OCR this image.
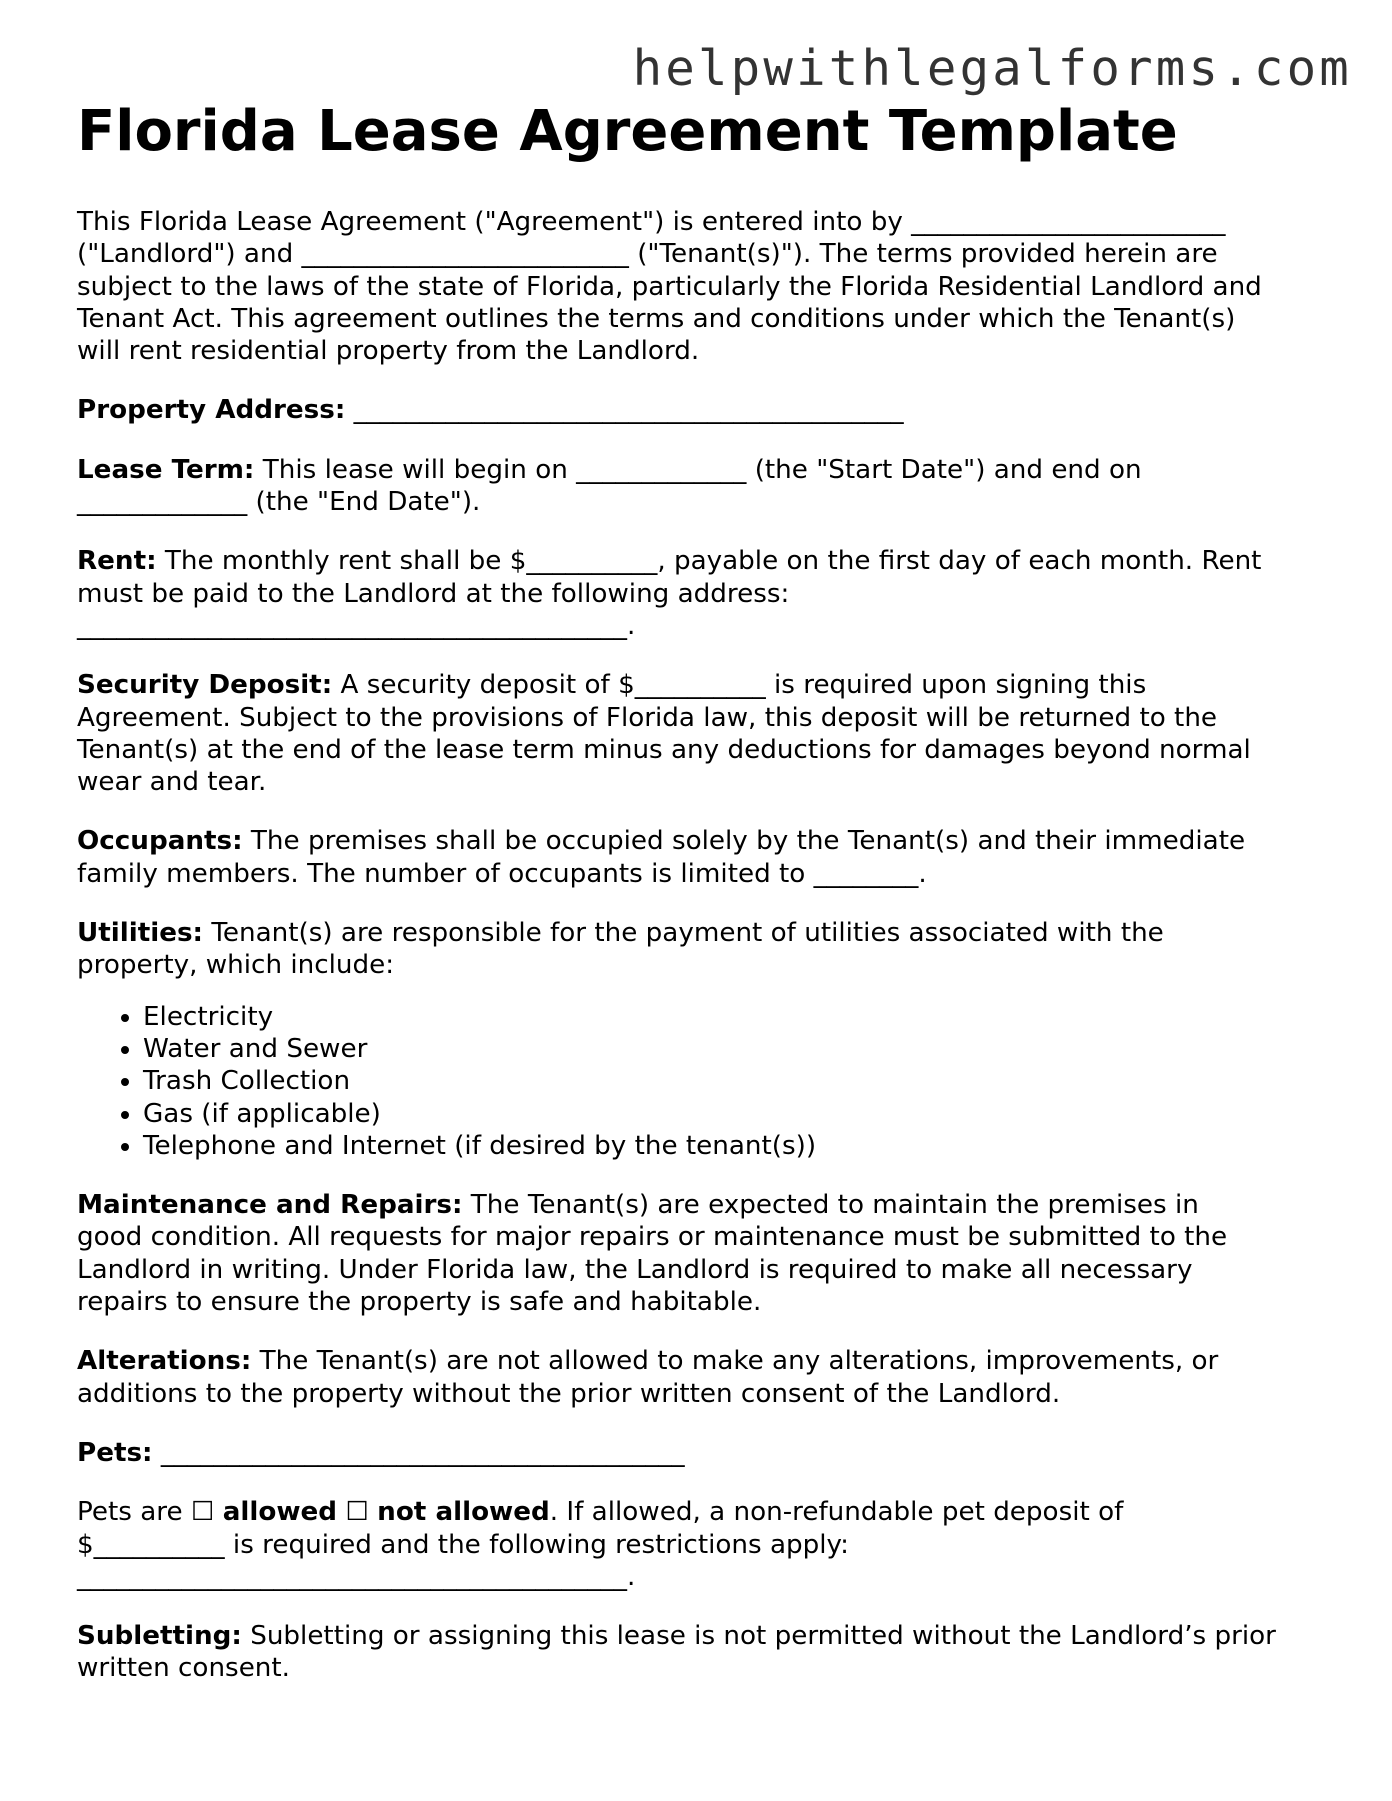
helpwithlegalforms.com
Florida Lease Agreement Template

This Florida Lease Agreement ("Agreement") is entered into by ________________________
("Landlord") and _________________________ ("Tenant(s)"). The terms provided herein are
subject to the laws of the state of Florida, particularly the Florida Residential Landlord and
Tenant Act. This agreement outlines the terms and conditions under which the Tenant(s)
will rent residential property from the Landlord.

Property Address: __________________________________________

Lease Term: This lease will begin on _____________ (the "Start Date") and end on
_____________ (the "End Date").

Rent: The monthly rent shall be $__________, payable on the first day of each month. Rent
must be paid to the Landlord at the following address:
__________________________________________.

Security Deposit: A security deposit of $__________ is required upon signing this
Agreement. Subject to the provisions of Florida law, this deposit will be returned to the
Tenant(s) at the end of the lease term minus any deductions for damages beyond normal
wear and tear.

Occupants: The premises shall be occupied solely by the Tenant(s) and their immediate
family members. The number of occupants is limited to ________.

Utilities: Tenant(s) are responsible for the payment of utilities associated with the
property, which include:

• Electricity
• Water and Sewer
• Trash Collection
• Gas (if applicable)
• Telephone and Internet (if desired by the tenant(s))

Maintenance and Repairs: The Tenant(s) are expected to maintain the premises in
good condition. All requests for major repairs or maintenance must be submitted to the
Landlord in writing. Under Florida law, the Landlord is required to make all necessary
repairs to ensure the property is safe and habitable.

Alterations: The Tenant(s) are not allowed to make any alterations, improvements, or
additions to the property without the prior written consent of the Landlord.

Pets: ________________________________________

Pets are ☐ allowed ☐ not allowed. If allowed, a non-refundable pet deposit of
$__________ is required and the following restrictions apply:
__________________________________________.

Subletting: Subletting or assigning this lease is not permitted without the Landlord’s prior
written consent.
